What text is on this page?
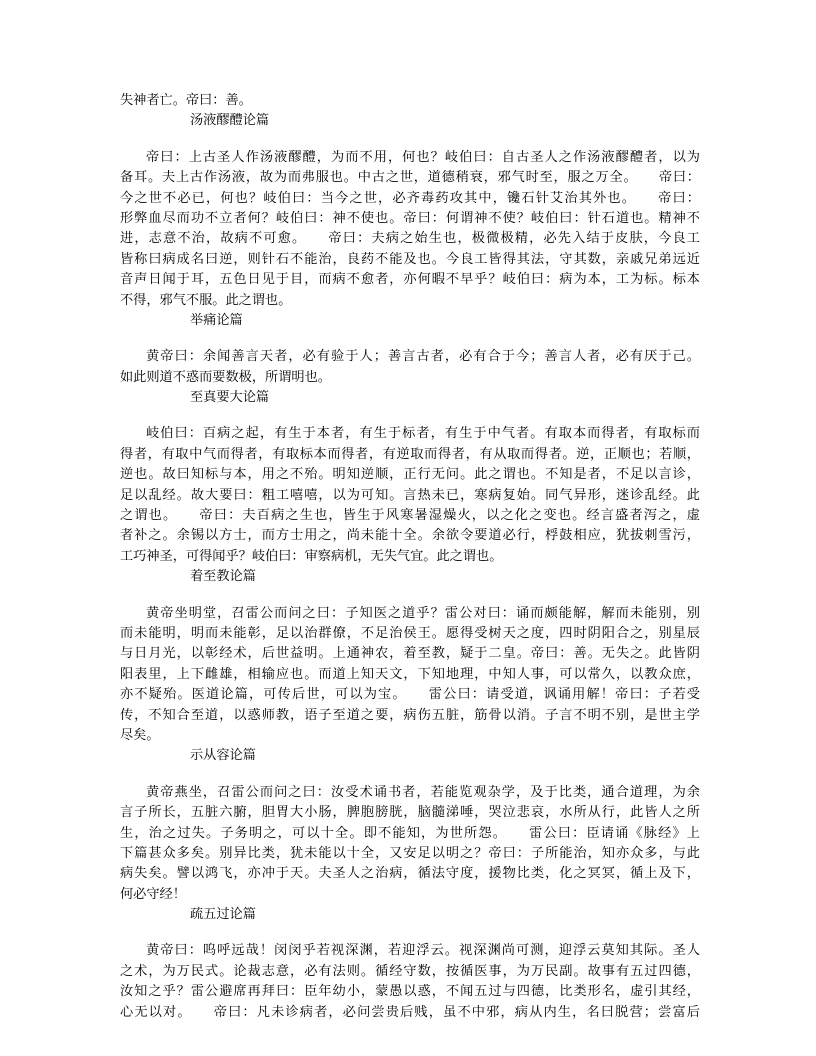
失神者亡。帝曰：善。
汤液醪醴论篇
帝曰：上古圣人作汤液醪醴，为而不用，何也？岐伯曰：自古圣人之作汤液醪醴者，以为
备耳。夫上古作汤液，故为而弗服也。中古之世，道德稍衰，邪气时至，服之万全。　　帝曰：
今之世不必已，何也？岐伯曰：当今之世，必齐毒药攻其中，镵石针艾治其外也。　　帝曰：
形弊血尽而功不立者何？岐伯曰：神不使也。帝曰：何谓神不使？岐伯曰：针石道也。精神不
进，志意不治，故病不可愈。　　帝曰：夫病之始生也，极微极精，必先入结于皮肤，今良工
皆称曰病成名曰逆，则针石不能治，良药不能及也。今良工皆得其法，守其数，亲戚兄弟远近
音声日闻于耳，五色日见于目，而病不愈者，亦何暇不早乎？岐伯曰：病为本，工为标。标本
不得，邪气不服。此之谓也。
举痛论篇
黄帝曰：余闻善言天者，必有验于人；善言古者，必有合于今；善言人者，必有厌于己。
如此则道不惑而要数极，所谓明也。
至真要大论篇
岐伯曰：百病之起，有生于本者，有生于标者，有生于中气者。有取本而得者，有取标而
得者，有取中气而得者，有取标本而得者，有逆取而得者，有从取而得者。逆，正顺也；若顺，
逆也。故曰知标与本，用之不殆。明知逆顺，正行无问。此之谓也。不知是者，不足以言诊，
足以乱经。故大要曰：粗工嘻嘻，以为可知。言热未已，寒病复始。同气异形，迷诊乱经。此
之谓也。　　帝曰：夫百病之生也，皆生于风寒暑湿燥火，以之化之变也。经言盛者泻之，虚
者补之。余锡以方士，而方士用之，尚未能十全。余欲令要道必行，桴鼓相应，犹拔刺雪污，
工巧神圣，可得闻乎？岐伯曰：审察病机，无失气宜。此之谓也。
着至教论篇
黄帝坐明堂，召雷公而问之曰：子知医之道乎？雷公对曰：诵而颇能解，解而未能别，别
而未能明，明而未能彰，足以治群僚，不足治侯王。愿得受树天之度，四时阴阳合之，别星辰
与日月光，以彰经术，后世益明。上通神农，着至教，疑于二皇。帝曰：善。无失之。此皆阴
阳表里，上下雌雄，相输应也。而道上知天文，下知地理，中知人事，可以常久，以教众庶，
亦不疑殆。医道论篇，可传后世，可以为宝。　　雷公曰：请受道，讽诵用解！帝曰：子若受
传，不知合至道，以惑师教，语子至道之要，病伤五脏，筋骨以消。子言不明不别，是世主学
尽矣。
示从容论篇
黄帝燕坐，召雷公而问之曰：汝受术诵书者，若能览观杂学，及于比类，通合道理，为余
言子所长，五脏六腑，胆胃大小肠，脾胞膀胱，脑髓涕唾，哭泣悲哀，水所从行，此皆人之所
生，治之过失。子务明之，可以十全。即不能知，为世所怨。　　雷公曰：臣请诵《脉经》上
下篇甚众多矣。别异比类，犹未能以十全，又安足以明之？帝曰：子所能治，知亦众多，与此
病失矣。譬以鸿飞，亦冲于天。夫圣人之治病，循法守度，援物比类，化之冥冥，循上及下，
何必守经！
疏五过论篇
黄帝曰：呜呼远哉！闵闵乎若视深渊，若迎浮云。视深渊尚可测，迎浮云莫知其际。圣人
之术，为万民式。论裁志意，必有法则。循经守数，按循医事，为万民副。故事有五过四德，
汝知之乎？雷公避席再拜曰：臣年幼小，蒙愚以惑，不闻五过与四德，比类形名，虚引其经，
心无以对。　　帝曰：凡未诊病者，必问尝贵后贱，虽不中邪，病从内生，名曰脱营；尝富后
